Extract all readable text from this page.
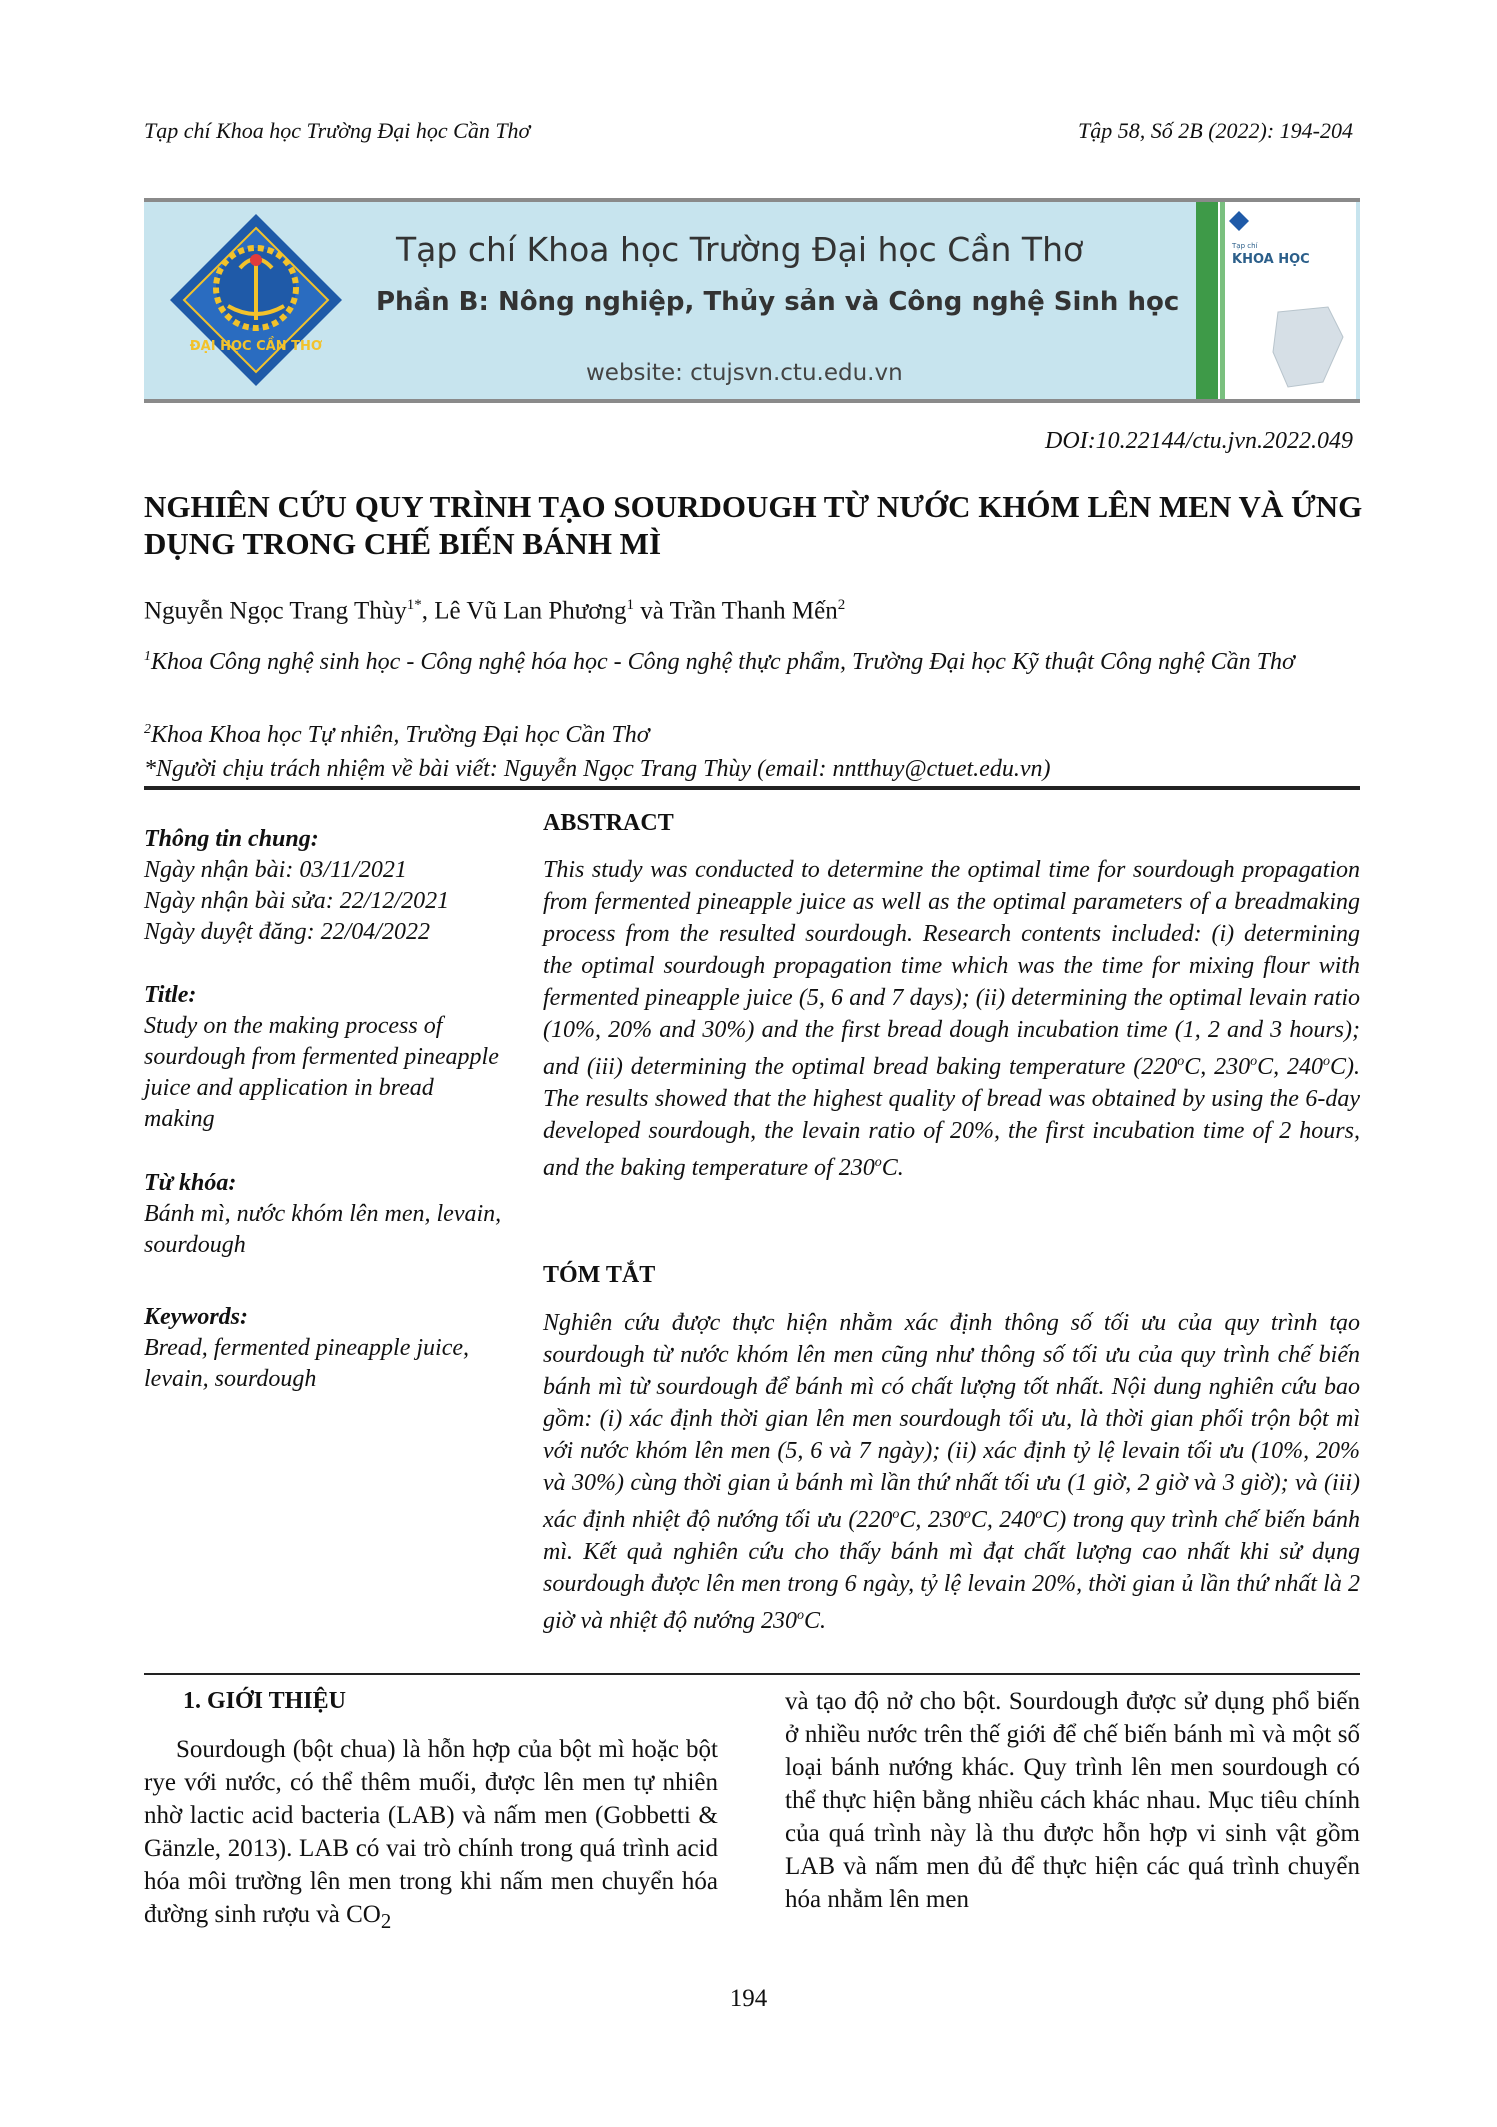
Tạp chí Khoa học Trường Đại học Cần Thơ	Tập 58, Số 2B (2022): 194-204
ĐẠI HỌC CẦN THƠ
Tạp chí Khoa học Trường Đại học Cần Thơ
Phần B: Nông nghiệp, Thủy sản và Công nghệ Sinh học
website: ctujsvn.ctu.edu.vn
Tạp chí
KHOA HỌC
DOI:10.22144/ctu.jvn.2022.049
NGHIÊN CỨU QUY TRÌNH TẠO SOURDOUGH TỪ NƯỚC KHÓM LÊN MEN VÀ ỨNG DỤNG TRONG CHẾ BIẾN BÁNH MÌ
Nguyễn Ngọc Trang Thùy$^{1*}$, Lê Vũ Lan Phương$^1$ và Trần Thanh Mến$^2$
$^1$Khoa Công nghệ sinh học - Công nghệ hóa học - Công nghệ thực phẩm, Trường Đại học Kỹ thuật Công nghệ Cần Thơ
$^2$Khoa Khoa học Tự nhiên, Trường Đại học Cần Thơ
*Người chịu trách nhiệm về bài viết: Nguyễn Ngọc Trang Thùy (email: nntthuy@ctuet.edu.vn)
Thông tin chung:
Ngày nhận bài: 03/11/2021
Ngày nhận bài sửa: 22/12/2021
Ngày duyệt đăng: 22/04/2022
Title:
Study on the making process of sourdough from fermented pineapple juice and application in bread making
Từ khóa:
Bánh mì, nước khóm lên men, levain, sourdough
Keywords:
Bread, fermented pineapple juice, levain, sourdough
ABSTRACT
This study was conducted to determine the optimal time for sourdough propagation from fermented pineapple juice as well as the optimal parameters of a breadmaking process from the resulted sourdough. Research contents included: (i) determining the optimal sourdough propagation time which was the time for mixing flour with fermented pineapple juice (5, 6 and 7 days); (ii) determining the optimal levain ratio (10%, 20% and 30%) and the first bread dough incubation time (1, 2 and 3 hours); and (iii) determining the optimal bread baking temperature (220$^o$C, 230$^o$C, 240$^o$C). The results showed that the highest quality of bread was obtained by using the 6-day developed sourdough, the levain ratio of 20%, the first incubation time of 2 hours, and the baking temperature of 230$^o$C.
TÓM TẮT
Nghiên cứu được thực hiện nhằm xác định thông số tối ưu của quy trình tạo sourdough từ nước khóm lên men cũng như thông số tối ưu của quy trình chế biến bánh mì từ sourdough để bánh mì có chất lượng tốt nhất. Nội dung nghiên cứu bao gồm: (i) xác định thời gian lên men sourdough tối ưu, là thời gian phối trộn bột mì với nước khóm lên men (5, 6 và 7 ngày); (ii) xác định tỷ lệ levain tối ưu (10%, 20% và 30%) cùng thời gian ủ bánh mì lần thứ nhất tối ưu (1 giờ, 2 giờ và 3 giờ); và (iii) xác định nhiệt độ nướng tối ưu (220$^o$C, 230$^o$C, 240$^o$C) trong quy trình chế biến bánh mì. Kết quả nghiên cứu cho thấy bánh mì đạt chất lượng cao nhất khi sử dụng sourdough được lên men trong 6 ngày, tỷ lệ levain 20%, thời gian ủ lần thứ nhất là 2 giờ và nhiệt độ nướng 230$^o$C.
1. GIỚI THIỆU
Sourdough (bột chua) là hỗn hợp của bột mì hoặc bột rye với nước, có thể thêm muối, được lên men tự nhiên nhờ lactic acid bacteria (LAB) và nấm men (Gobbetti & Gänzle, 2013). LAB có vai trò chính trong quá trình acid hóa môi trường lên men trong khi nấm men chuyển hóa đường sinh rượu và $CO_2$
và tạo độ nở cho bột. Sourdough được sử dụng phổ biến ở nhiều nước trên thế giới để chế biến bánh mì và một số loại bánh nướng khác. Quy trình lên men sourdough có thể thực hiện bằng nhiều cách khác nhau. Mục tiêu chính của quá trình này là thu được hỗn hợp vi sinh vật gồm LAB và nấm men đủ để thực hiện các quá trình chuyển hóa nhằm lên men
194
